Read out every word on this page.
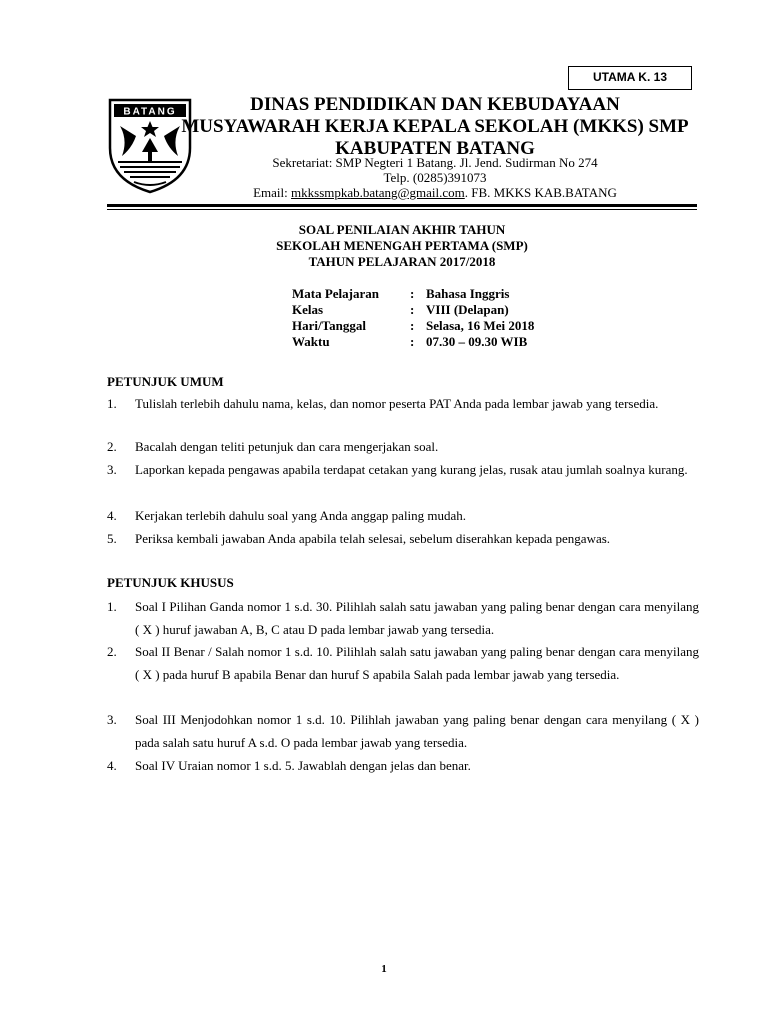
UTAMA K. 13
BATANG	DINAS PENDIDIKAN DAN KEBUDAYAAN
MUSYAWARAH KERJA KEPALA SEKOLAH (MKKS) SMP
KABUPATEN BATANG
Sekretariat: SMP Negteri 1 Batang. Jl. Jend. Sudirman No 274
Telp. (0285)391073
Email: mkkssmpkab.batang@gmail.com. FB. MKKS KAB.BATANG
SOAL PENILAIAN AKHIR TAHUN
SEKOLAH MENENGAH PERTAMA (SMP)
TAHUN PELAJARAN 2017/2018
Mata Pelajaran : Bahasa Inggris
Kelas	: VIII (Delapan)
Hari/Tanggal	: Selasa, 16 Mei 2018
Waktu	: 07.30 – 09.30 WIB
PETUNJUK UMUM
1. Tulislah terlebih dahulu nama, kelas, dan nomor peserta PAT Anda pada lembar jawab yang tersedia.
2. Bacalah dengan teliti petunjuk dan cara mengerjakan soal.
3. Laporkan kepada pengawas apabila terdapat cetakan yang kurang jelas, rusak atau jumlah soalnya kurang.
4. Kerjakan terlebih dahulu soal yang Anda anggap paling mudah.
5. Periksa kembali jawaban Anda apabila telah selesai, sebelum diserahkan kepada pengawas.
PETUNJUK KHUSUS
1. Soal I Pilihan Ganda nomor 1 s.d. 30. Pilihlah salah satu jawaban yang paling benar dengan cara menyilang ( X ) huruf jawaban A, B, C atau D pada lembar jawab yang tersedia.
2. Soal II Benar / Salah nomor 1 s.d. 10. Pilihlah salah satu jawaban yang paling benar dengan cara menyilang ( X ) pada huruf B apabila Benar dan huruf S apabila Salah pada lembar jawab yang tersedia.
3. Soal III Menjodohkan nomor 1 s.d. 10. Pilihlah jawaban yang paling benar dengan cara menyilang ( X ) pada salah satu huruf A s.d. O pada lembar jawab yang tersedia.
4. Soal IV Uraian nomor 1 s.d. 5. Jawablah dengan jelas dan benar.
1
